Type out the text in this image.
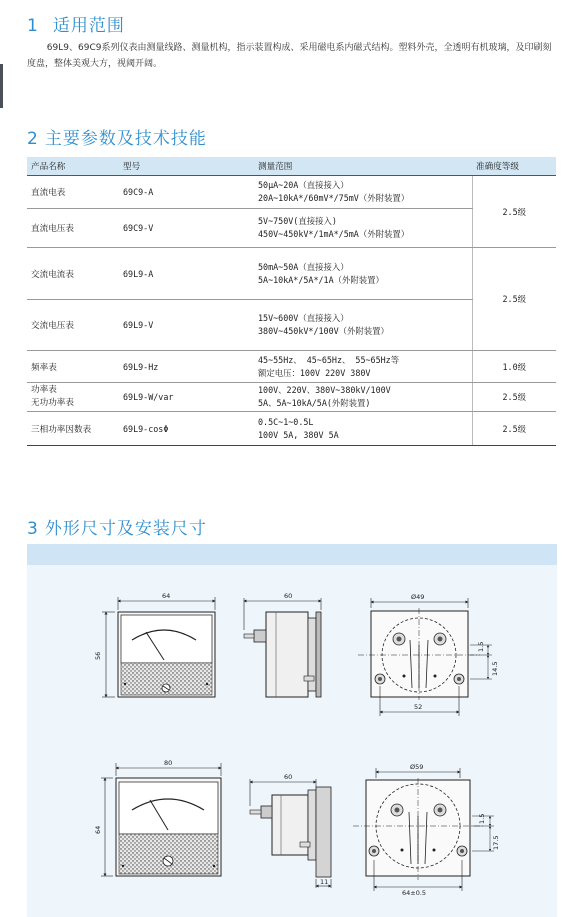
1 适用范围

69L9、69C9系列仪表由测量线路、测量机构，指示装置构成、采用磁电系内磁式结构。塑料外壳，全透明有机玻璃，及印刷刻度盘，整体美观大方，视阈开阔。

2 主要参数及技术技能
产品名称	型号	测量范围	准确度等级
直流电表	69C9-A	50μA~20A（直接接入）
20A~10kA*/60mV*/75mV（外附装置）	2.5级
直流电压表	69C9-V	5V~750V(直接接入)
450V~450kV*/1mA*/5mA（外附装置）	

交流电流表	69L9-A	50mA~50A（直接接入）
5A~10kA*/5A*/1A（外附装置）	2.5级
交流电压表	69L9-V	15V~600V（直接接入）
380V~450kV*/100V（外附装置）	

频率表	69L9-Hz	45~55Hz、 45~65Hz、 55~65Hz等
额定电压：100V 220V 380V	1.0级

功率表
无功功率表	69L9-W/var	100V、220V、380V~380kV/100V
5A、5A~10kA/5A(外附装置)	2.5级
三相功率因数表	69L9-cosΦ	0.5C~1~0.5L
100V 5A, 380V 5A	2.5级
3 外形尺寸及安装尺寸
64
56
60	Ø49
52
1.5
14.5
80
64
60
11
Ø59
64±0.5
1.5
17.5
